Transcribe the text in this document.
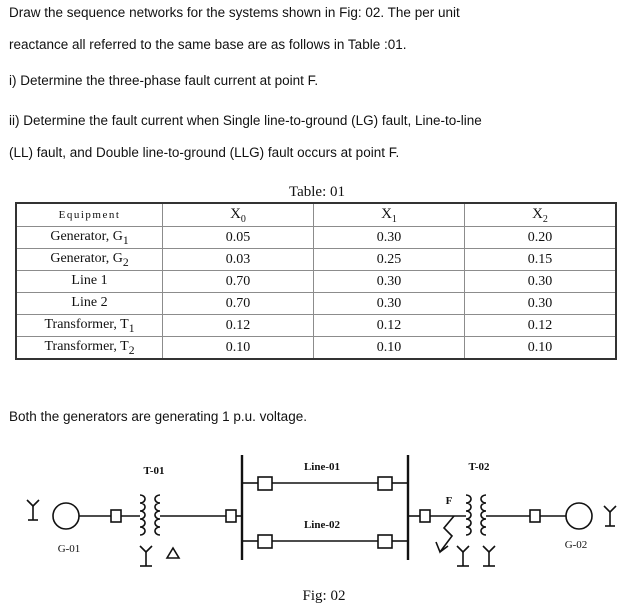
Draw the sequence networks for the systems shown in Fig: 02. The per unit

reactance all referred to the same base are as follows in Table :01.

i) Determine the three-phase fault current at point F.

ii) Determine the fault current when Single line-to-ground (LG) fault, Line-to-line

(LL) fault, and Double line-to-ground (LLG) fault occurs at point F.

Table: 01
Equipment	$X_0$	$X_1$	$X_2$
Generator, $G_1$	0.05	0.30	0.20
Generator, $G_2$	0.03	0.25	0.15
Line 1	0.70	0.30	0.30
Line 2	0.70	0.30	0.30
Transformer, $T_1$	0.12	0.12	0.12
Transformer, $T_2$	0.10	0.10	0.10

Both the generators are generating 1 p.u. voltage.

T-01	T-02
Line-01
Line-02
G-01	G-02
F
Fig: 02
